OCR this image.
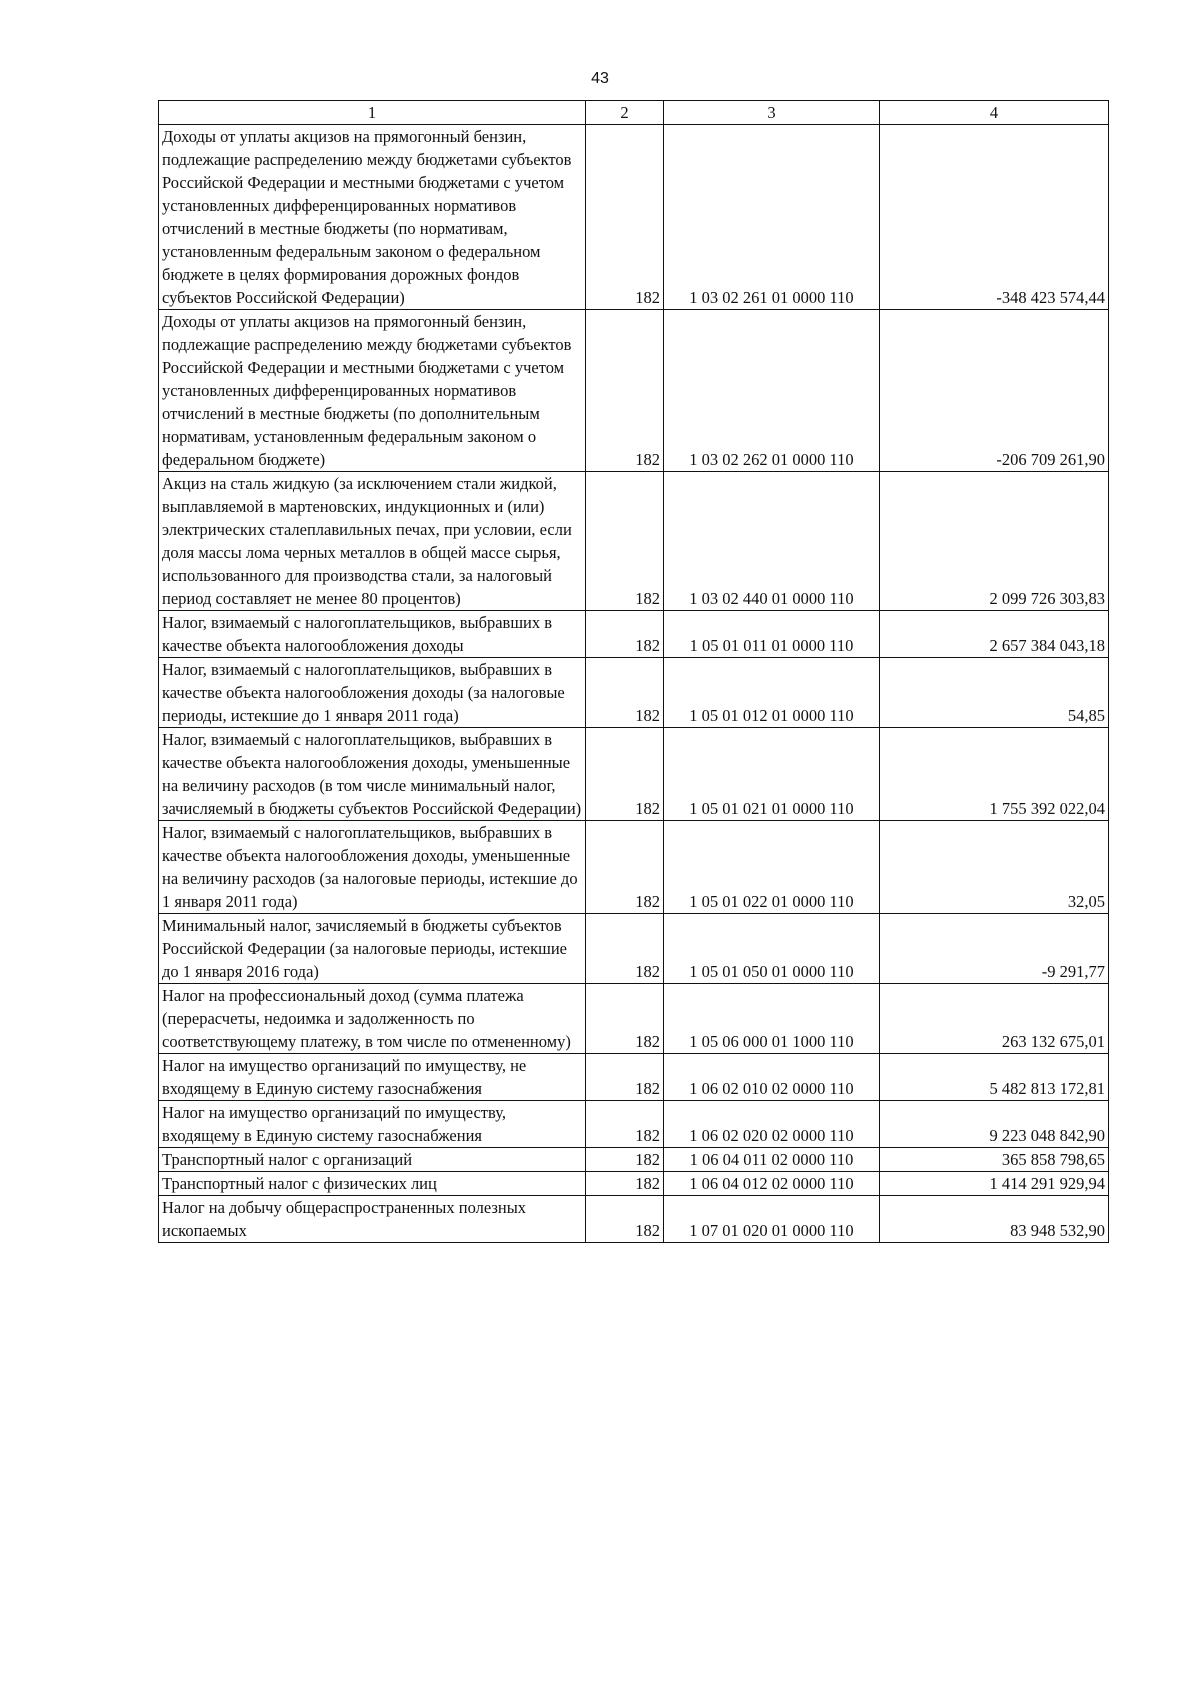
43
1	2	3	4
Доходы от уплаты акцизов на прямогонный бензин, подлежащие распределению между бюджетами субъектов Российской Федерации и местными бюджетами с учетом установленных дифференцированных нормативов отчислений в местные бюджеты (по нормативам, установленным федеральным законом о федеральном бюджете в целях формирования дорожных фондов субъектов Российской Федерации)	182	1 03 02 261 01 0000 110	-348 423 574,44
Доходы от уплаты акцизов на прямогонный бензин, подлежащие распределению между бюджетами субъектов Российской Федерации и местными бюджетами с учетом установленных дифференцированных нормативов отчислений в местные бюджеты (по дополнительным нормативам, установленным федеральным законом о федеральном бюджете)	182	1 03 02 262 01 0000 110	-206 709 261,90
Акциз на сталь жидкую (за исключением стали жидкой, выплавляемой в мартеновских, индукционных и (или) электрических сталеплавильных печах, при условии, если доля массы лома черных металлов в общей массе сырья, использованного для производства стали, за налоговый период составляет не менее 80 процентов)	182	1 03 02 440 01 0000 110	2 099 726 303,83
Налог, взимаемый с налогоплательщиков, выбравших в качестве объекта налогообложения доходы	182	1 05 01 011 01 0000 110	2 657 384 043,18
Налог, взимаемый с налогоплательщиков, выбравших в качестве объекта налогообложения доходы (за налоговые периоды, истекшие до 1 января 2011 года)	182	1 05 01 012 01 0000 110	54,85
Налог, взимаемый с налогоплательщиков, выбравших в качестве объекта налогообложения доходы, уменьшенные на величину расходов (в том числе минимальный налог, зачисляемый в бюджеты субъектов Российской Федерации)	182	1 05 01 021 01 0000 110	1 755 392 022,04
Налог, взимаемый с налогоплательщиков, выбравших в качестве объекта налогообложения доходы, уменьшенные на величину расходов (за налоговые периоды, истекшие до 1 января 2011 года)	182	1 05 01 022 01 0000 110	32,05
Минимальный налог, зачисляемый в бюджеты субъектов Российской Федерации (за налоговые периоды, истекшие до 1 января 2016 года)	182	1 05 01 050 01 0000 110	-9 291,77
Налог на профессиональный доход (сумма платежа (перерасчеты, недоимка и задолженность по соответствующему платежу, в том числе по отмененному)	182	1 05 06 000 01 1000 110	263 132 675,01
Налог на имущество организаций по имуществу, не входящему в Единую систему газоснабжения	182	1 06 02 010 02 0000 110	5 482 813 172,81
Налог на имущество организаций по имуществу, входящему в Единую систему газоснабжения	182	1 06 02 020 02 0000 110	9 223 048 842,90
Транспортный налог с организаций	182	1 06 04 011 02 0000 110	365 858 798,65
Транспортный налог с физических лиц	182	1 06 04 012 02 0000 110	1 414 291 929,94
Налог на добычу общераспространенных полезных ископаемых	182	1 07 01 020 01 0000 110	83 948 532,90
